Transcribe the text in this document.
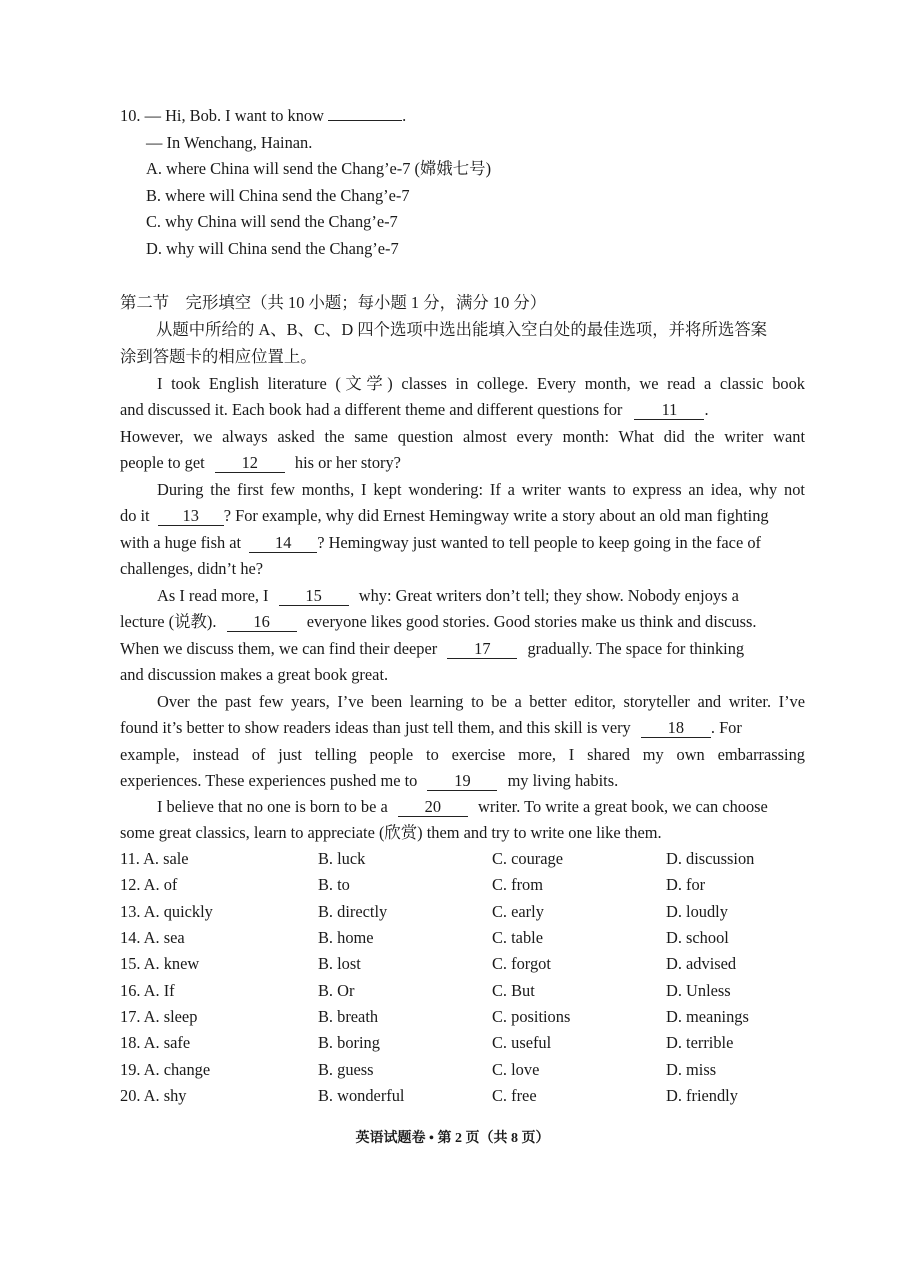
10. — Hi, Bob. I want to know	.
— In Wenchang, Hainan.
A. where China will send the Chang’e-7 (嫦娥七号)
B. where will China send the Chang’e-7
C. why China will send the Chang’e-7
D. why will China send the Chang’e-7
第二节　完形填空（共 10 小题；每小题 1 分，满分 10 分）
从题中所给的 A、B、C、D 四个选项中选出能填入空白处的最佳选项，并将所选答案
涂到答题卡的相应位置上。
I took English literature (文学) classes in college. Every month, we read a classic book
and discussed it. Each book had a different theme and different questions for 11 .
However, we always asked the same question almost every month: What did the writer want
people to get 12 his or her story?
During the first few months, I kept wondering: If a writer wants to express an idea, why not
do it 13 ? For example, why did Ernest Hemingway write a story about an old man fighting
with a huge fish at 14 ? Hemingway just wanted to tell people to keep going in the face of
challenges, didn’t he?
As I read more, I 15 why: Great writers don’t tell; they show. Nobody enjoys a
lecture (说教). 16 everyone likes good stories. Good stories make us think and discuss.
When we discuss them, we can find their deeper 17 gradually. The space for thinking
and discussion makes a great book great.
Over the past few years, I’ve been learning to be a better editor, storyteller and writer. I’ve
found it’s better to show readers ideas than just tell them, and this skill is very 18 . For
example, instead of just telling people to exercise more, I shared my own embarrassing
experiences. These experiences pushed me to 19 my living habits.
I believe that no one is born to be a 20 writer. To write a great book, we can choose
some great classics, learn to appreciate (欣赏) them and try to write one like them.
11. A. sale	B. luck	C. courage	D. discussion
12. A. of	B. to	C. from	D. for
13. A. quickly	B. directly	C. early	D. loudly
14. A. sea	B. home	C. table	D. school
15. A. knew	B. lost	C. forgot	D. advised
16. A. If	B. Or	C. But	D. Unless
17. A. sleep	B. breath	C. positions	D. meanings
18. A. safe	B. boring	C. useful	D. terrible
19. A. change	B. guess	C. love	D. miss
20. A. shy	B. wonderful	C. free	D. friendly
英语试题卷 • 第 2 页（共 8 页）
